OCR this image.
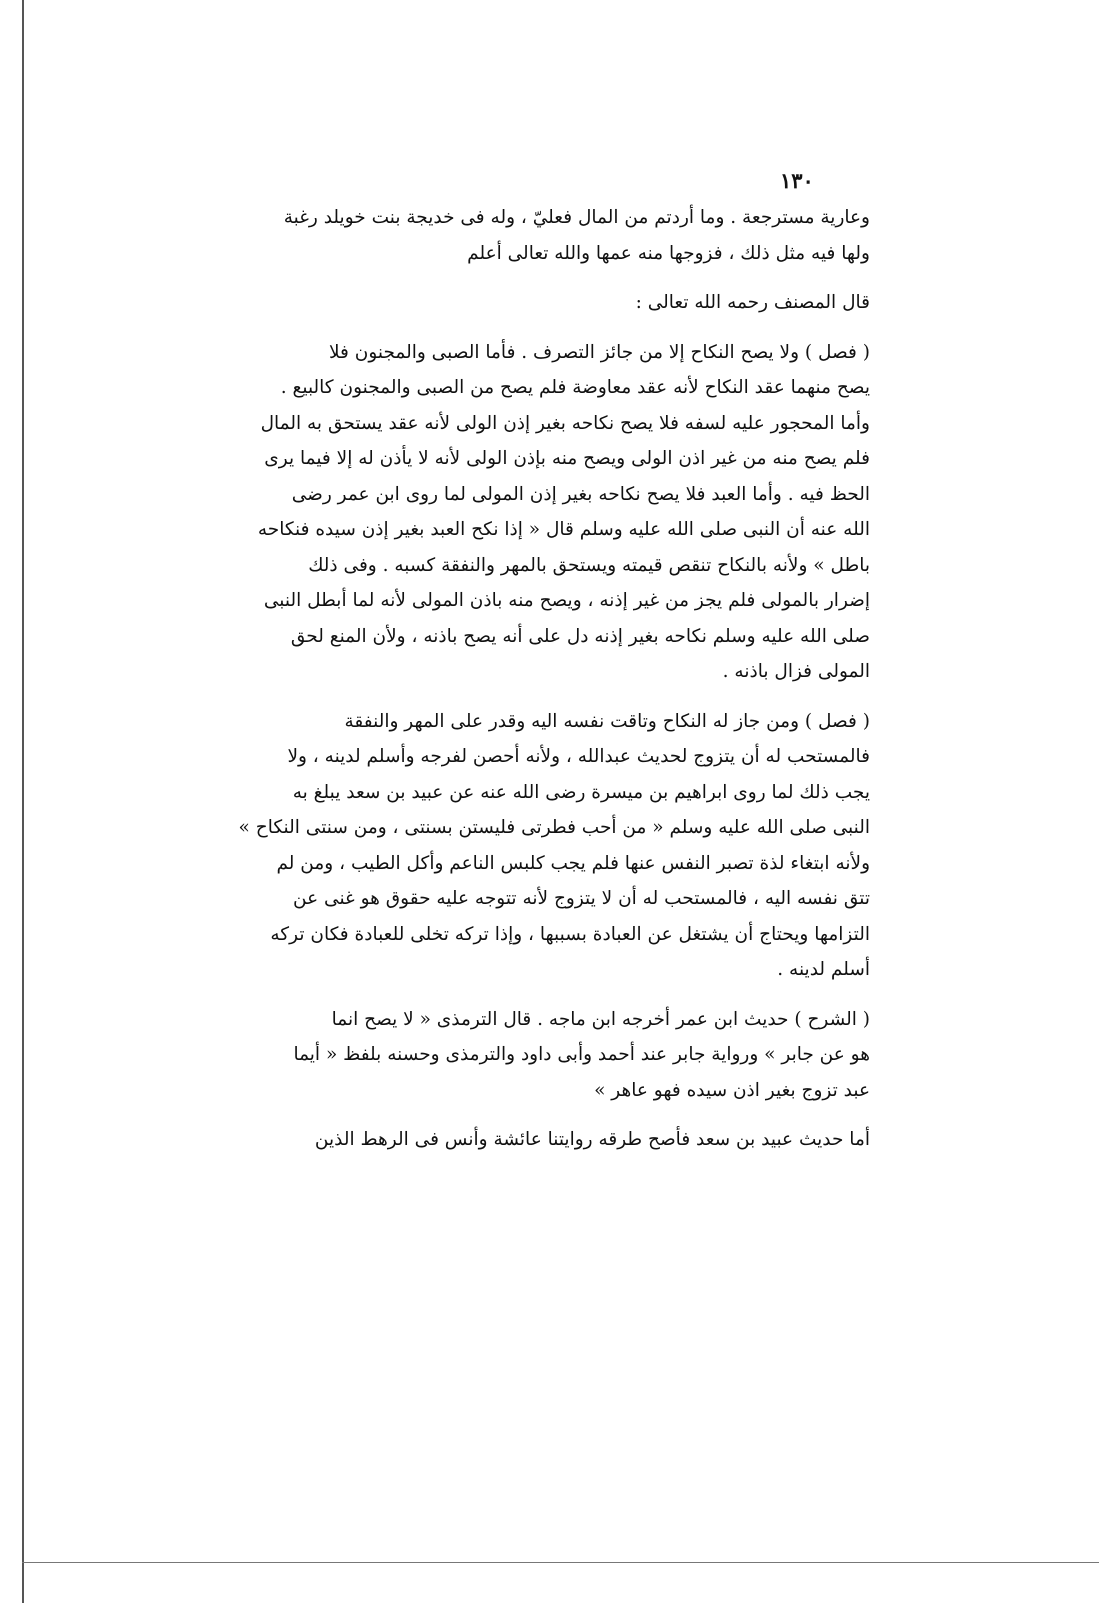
١٣٠
وعارية مسترجعة . وما أردتم من المال فعليّ ، وله فى خديجة بنت خويلد رغبة
ولها فيه مثل ذلك ، فزوجها منه عمها والله تعالى أعلم
قال المصنف رحمه الله تعالى :
( فصل ) ولا يصح النكاح إلا من جائز التصرف . فأما الصبى والمجنون فلا
يصح منهما عقد النكاح لأنه عقد معاوضة فلم يصح من الصبى والمجنون كالبيع .
وأما المحجور عليه لسفه فلا يصح نكاحه بغير إذن الولى لأنه عقد يستحق به المال
فلم يصح منه من غير اذن الولى ويصح منه بإذن الولى لأنه لا يأذن له إلا فيما يرى
الحظ فيه . وأما العبد فلا يصح نكاحه بغير إذن المولى لما روى ابن عمر رضى
الله عنه أن النبى صلى الله عليه وسلم قال « إذا نكح العبد بغير إذن سيده فنكاحه
باطل » ولأنه بالنكاح تنقص قيمته ويستحق بالمهر والنفقة كسبه . وفى ذلك
إضرار بالمولى فلم يجز من غير إذنه ، ويصح منه باذن المولى لأنه لما أبطل النبى
صلى الله عليه وسلم نكاحه بغير إذنه دل على أنه يصح باذنه ، ولأن المنع لحق
المولى فزال باذنه .
( فصل ) ومن جاز له النكاح وتاقت نفسه اليه وقدر على المهر والنفقة
فالمستحب له أن يتزوج لحديث عبدالله ، ولأنه أحصن لفرجه وأسلم لدينه ، ولا
يجب ذلك لما روى ابراهيم بن ميسرة رضى الله عنه عن عبيد بن سعد يبلغ به
النبى صلى الله عليه وسلم « من أحب فطرتى فليستن بسنتى ، ومن سنتى النكاح »
ولأنه ابتغاء لذة تصبر النفس عنها فلم يجب كلبس الناعم وأكل الطيب ، ومن لم
تتق نفسه اليه ، فالمستحب له أن لا يتزوج لأنه تتوجه عليه حقوق هو غنى عن
التزامها ويحتاج أن يشتغل عن العبادة بسببها ، وإذا تركه تخلى للعبادة فكان تركه
أسلم لدينه .
( الشرح ) حديث ابن عمر أخرجه ابن ماجه . قال الترمذى « لا يصح انما
هو عن جابر » ورواية جابر عند أحمد وأبى داود والترمذى وحسنه بلفظ « أيما
عبد تزوج بغير اذن سيده فهو عاهر »
أما حديث عبيد بن سعد فأصح طرقه روايتنا عائشة وأنس فى الرهط الذين
